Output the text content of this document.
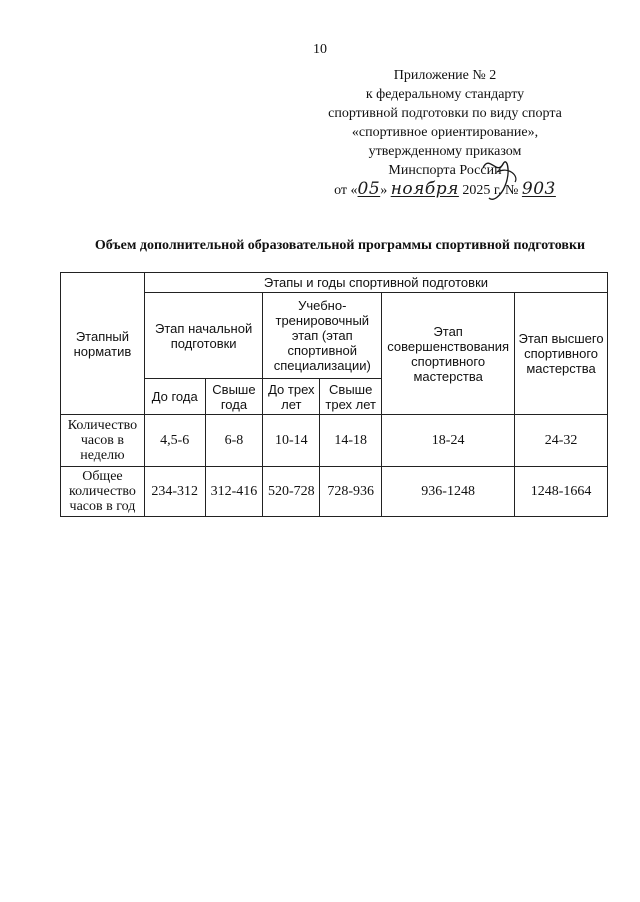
10
Приложение № 2
к федеральному стандарту
спортивной подготовки по виду спорта
«спортивное ориентирование»,
утвержденному приказом
Минспорта России
от «05» ноября 2025 г. № 903
Объем дополнительной образовательной программы спортивной подготовки
Этапный норматив	Этапы и годы спортивной подготовки					
	Этап начальной подготовки		Учебно-тренировочный этап (этап спортивной специализации)		Этап совершенствования спортивного мастерства	Этап высшего спортивного мастерства
	До года	Свыше года	До трех лет	Свыше трех лет		
Количество часов в неделю	4,5-6	6-8	10-14	14-18	18-24	24-32
Общее количество часов в год	234-312	312-416	520-728	728-936	936-1248	1248-1664
